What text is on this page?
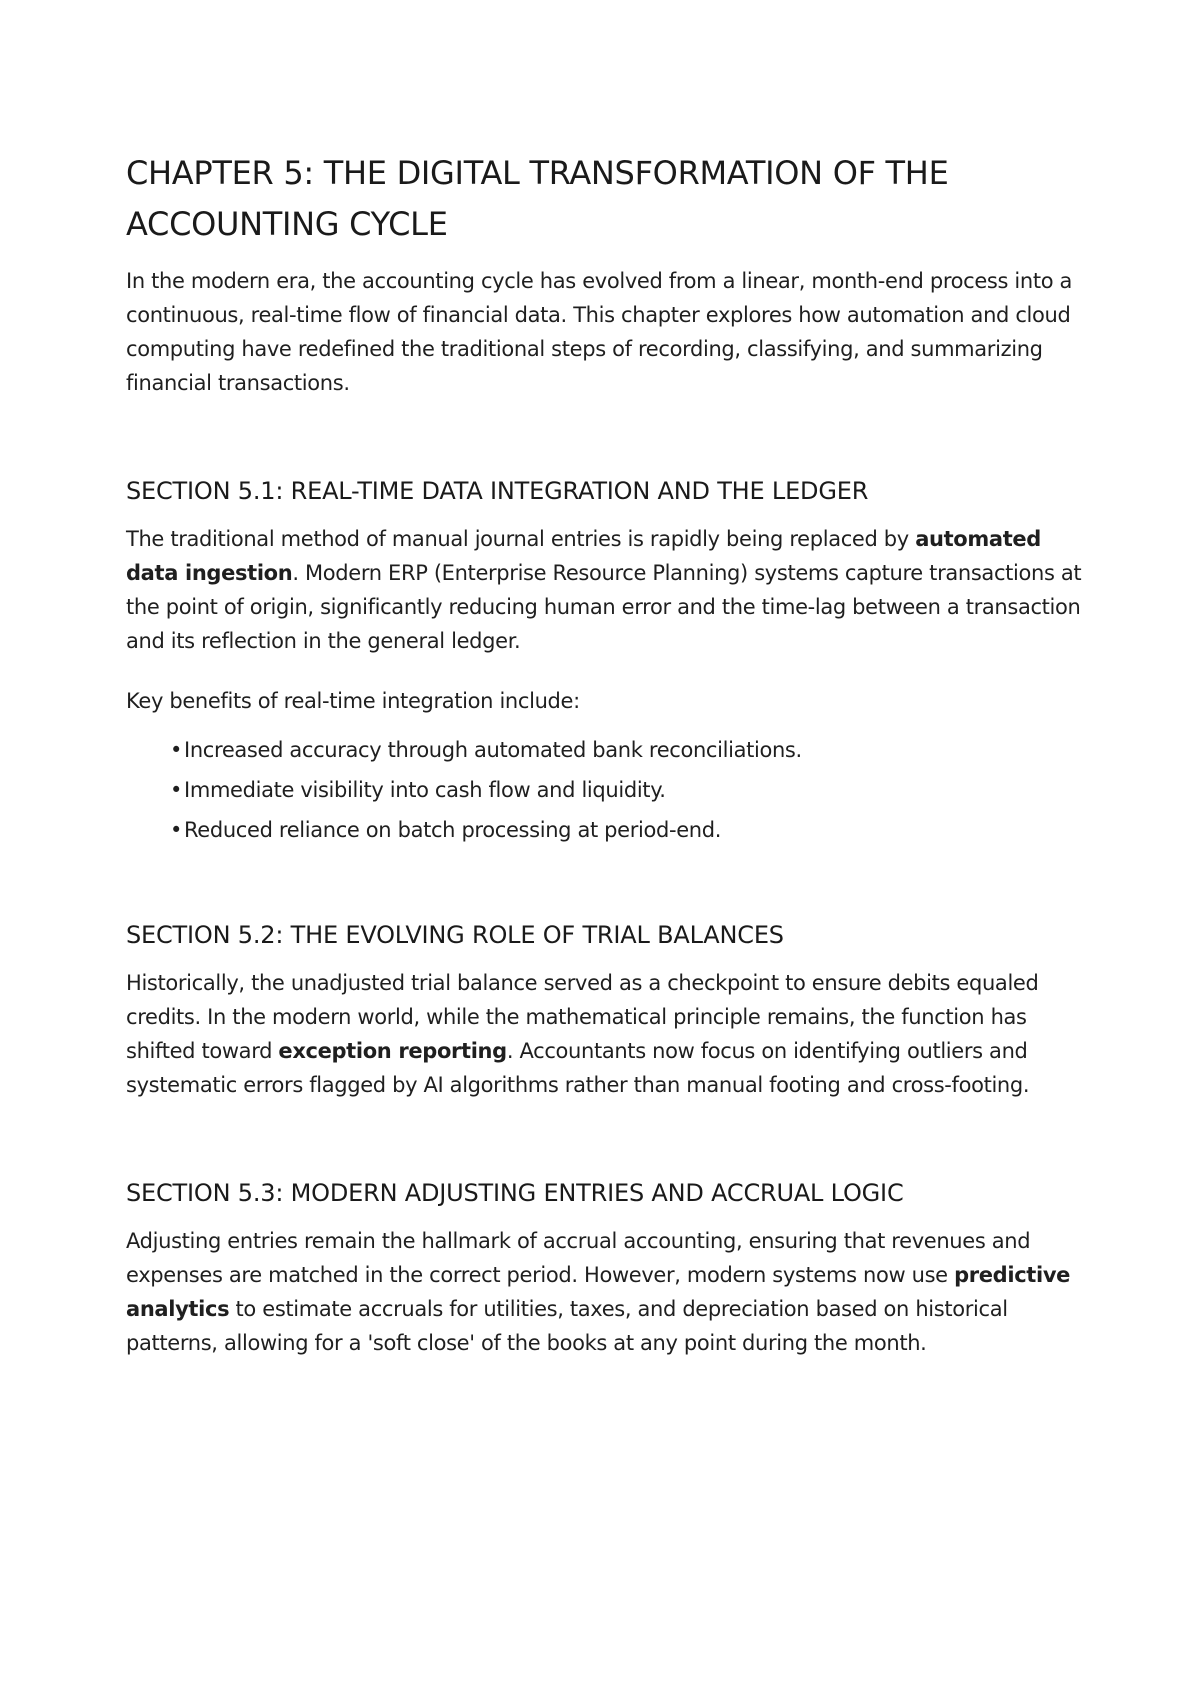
CHAPTER 5: THE DIGITAL TRANSFORMATION OF THE ACCOUNTING CYCLE

In the modern era, the accounting cycle has evolved from a linear, month-end process into a continuous, real-time flow of financial data. This chapter explores how automation and cloud computing have redefined the traditional steps of recording, classifying, and summarizing financial transactions.

SECTION 5.1: REAL-TIME DATA INTEGRATION AND THE LEDGER

The traditional method of manual journal entries is rapidly being replaced by automated data ingestion. Modern ERP (Enterprise Resource Planning) systems capture transactions at the point of origin, significantly reducing human error and the time-lag between a transaction and its reflection in the general ledger.

Key benefits of real-time integration include:

•Increased accuracy through automated bank reconciliations.
•Immediate visibility into cash flow and liquidity.
•Reduced reliance on batch processing at period-end.
SECTION 5.2: THE EVOLVING ROLE OF TRIAL BALANCES

Historically, the unadjusted trial balance served as a checkpoint to ensure debits equaled credits. In the modern world, while the mathematical principle remains, the function has shifted toward exception reporting. Accountants now focus on identifying outliers and systematic errors flagged by AI algorithms rather than manual footing and cross-footing.

SECTION 5.3: MODERN ADJUSTING ENTRIES AND ACCRUAL LOGIC

Adjusting entries remain the hallmark of accrual accounting, ensuring that revenues and expenses are matched in the correct period. However, modern systems now use predictive analytics to estimate accruals for utilities, taxes, and depreciation based on historical patterns, allowing for a 'soft close' of the books at any point during the month.
